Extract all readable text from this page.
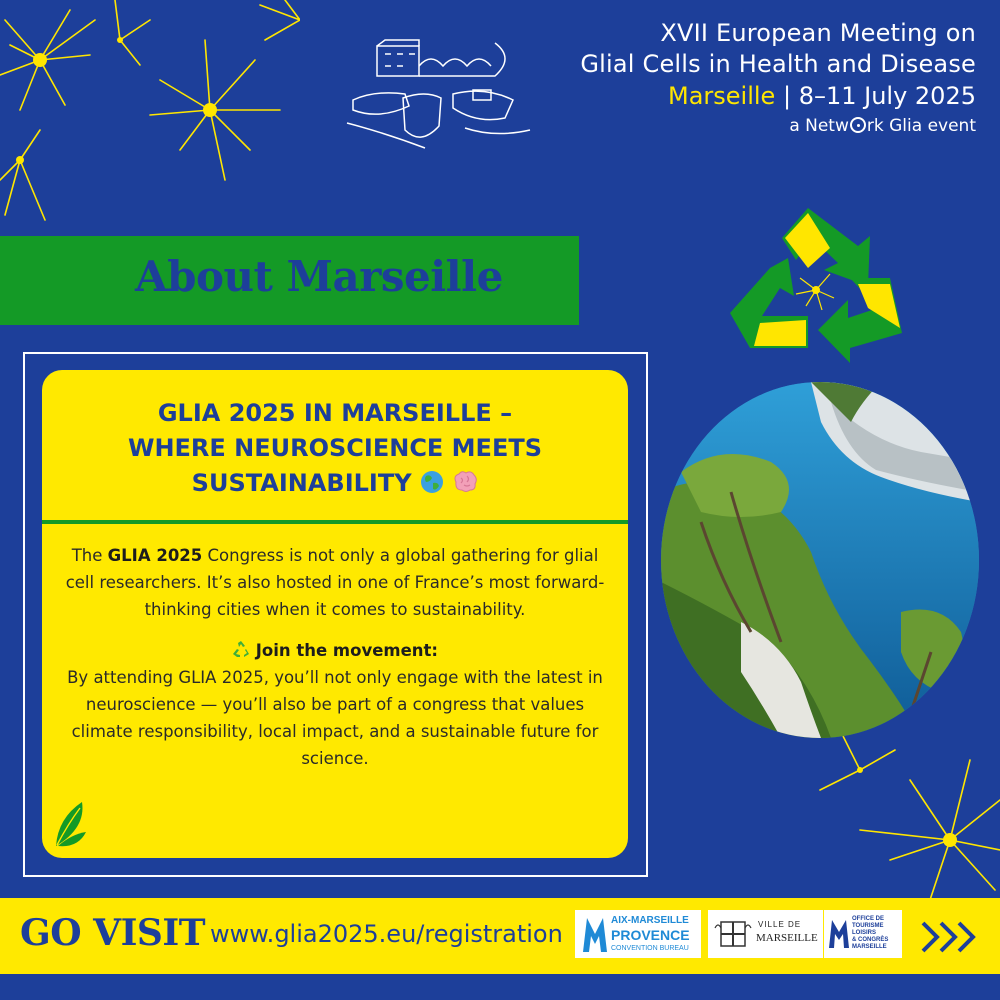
XVII European Meeting on
Glial Cells in Health and Disease
Marseille | 8–11 July 2025
a Netw rk Glia event
About Marseille
GLIA 2025 IN MARSEILLE –
WHERE NEUROSCIENCE MEETS
SUSTAINABILITY

The GLIA 2025 Congress is not only a global gathering for glial cell researchers. It’s also hosted in one of France’s most forward-thinking cities when it comes to sustainability.

Join the movement:

By attending GLIA 2025, you’ll not only engage with the latest in neuroscience — you’ll also be part of a congress that values climate responsibility, local impact, and a sustainable future for science.

GO VISIT www.glia2025.eu/registration	AIX-MARSEILLE
PROVENCE
CONVENTION BUREAU
VILLE DE
MARSEILLE
OFFICE DE
TOURISME
LOISIRS
& CONGRÈS
MARSEILLE
